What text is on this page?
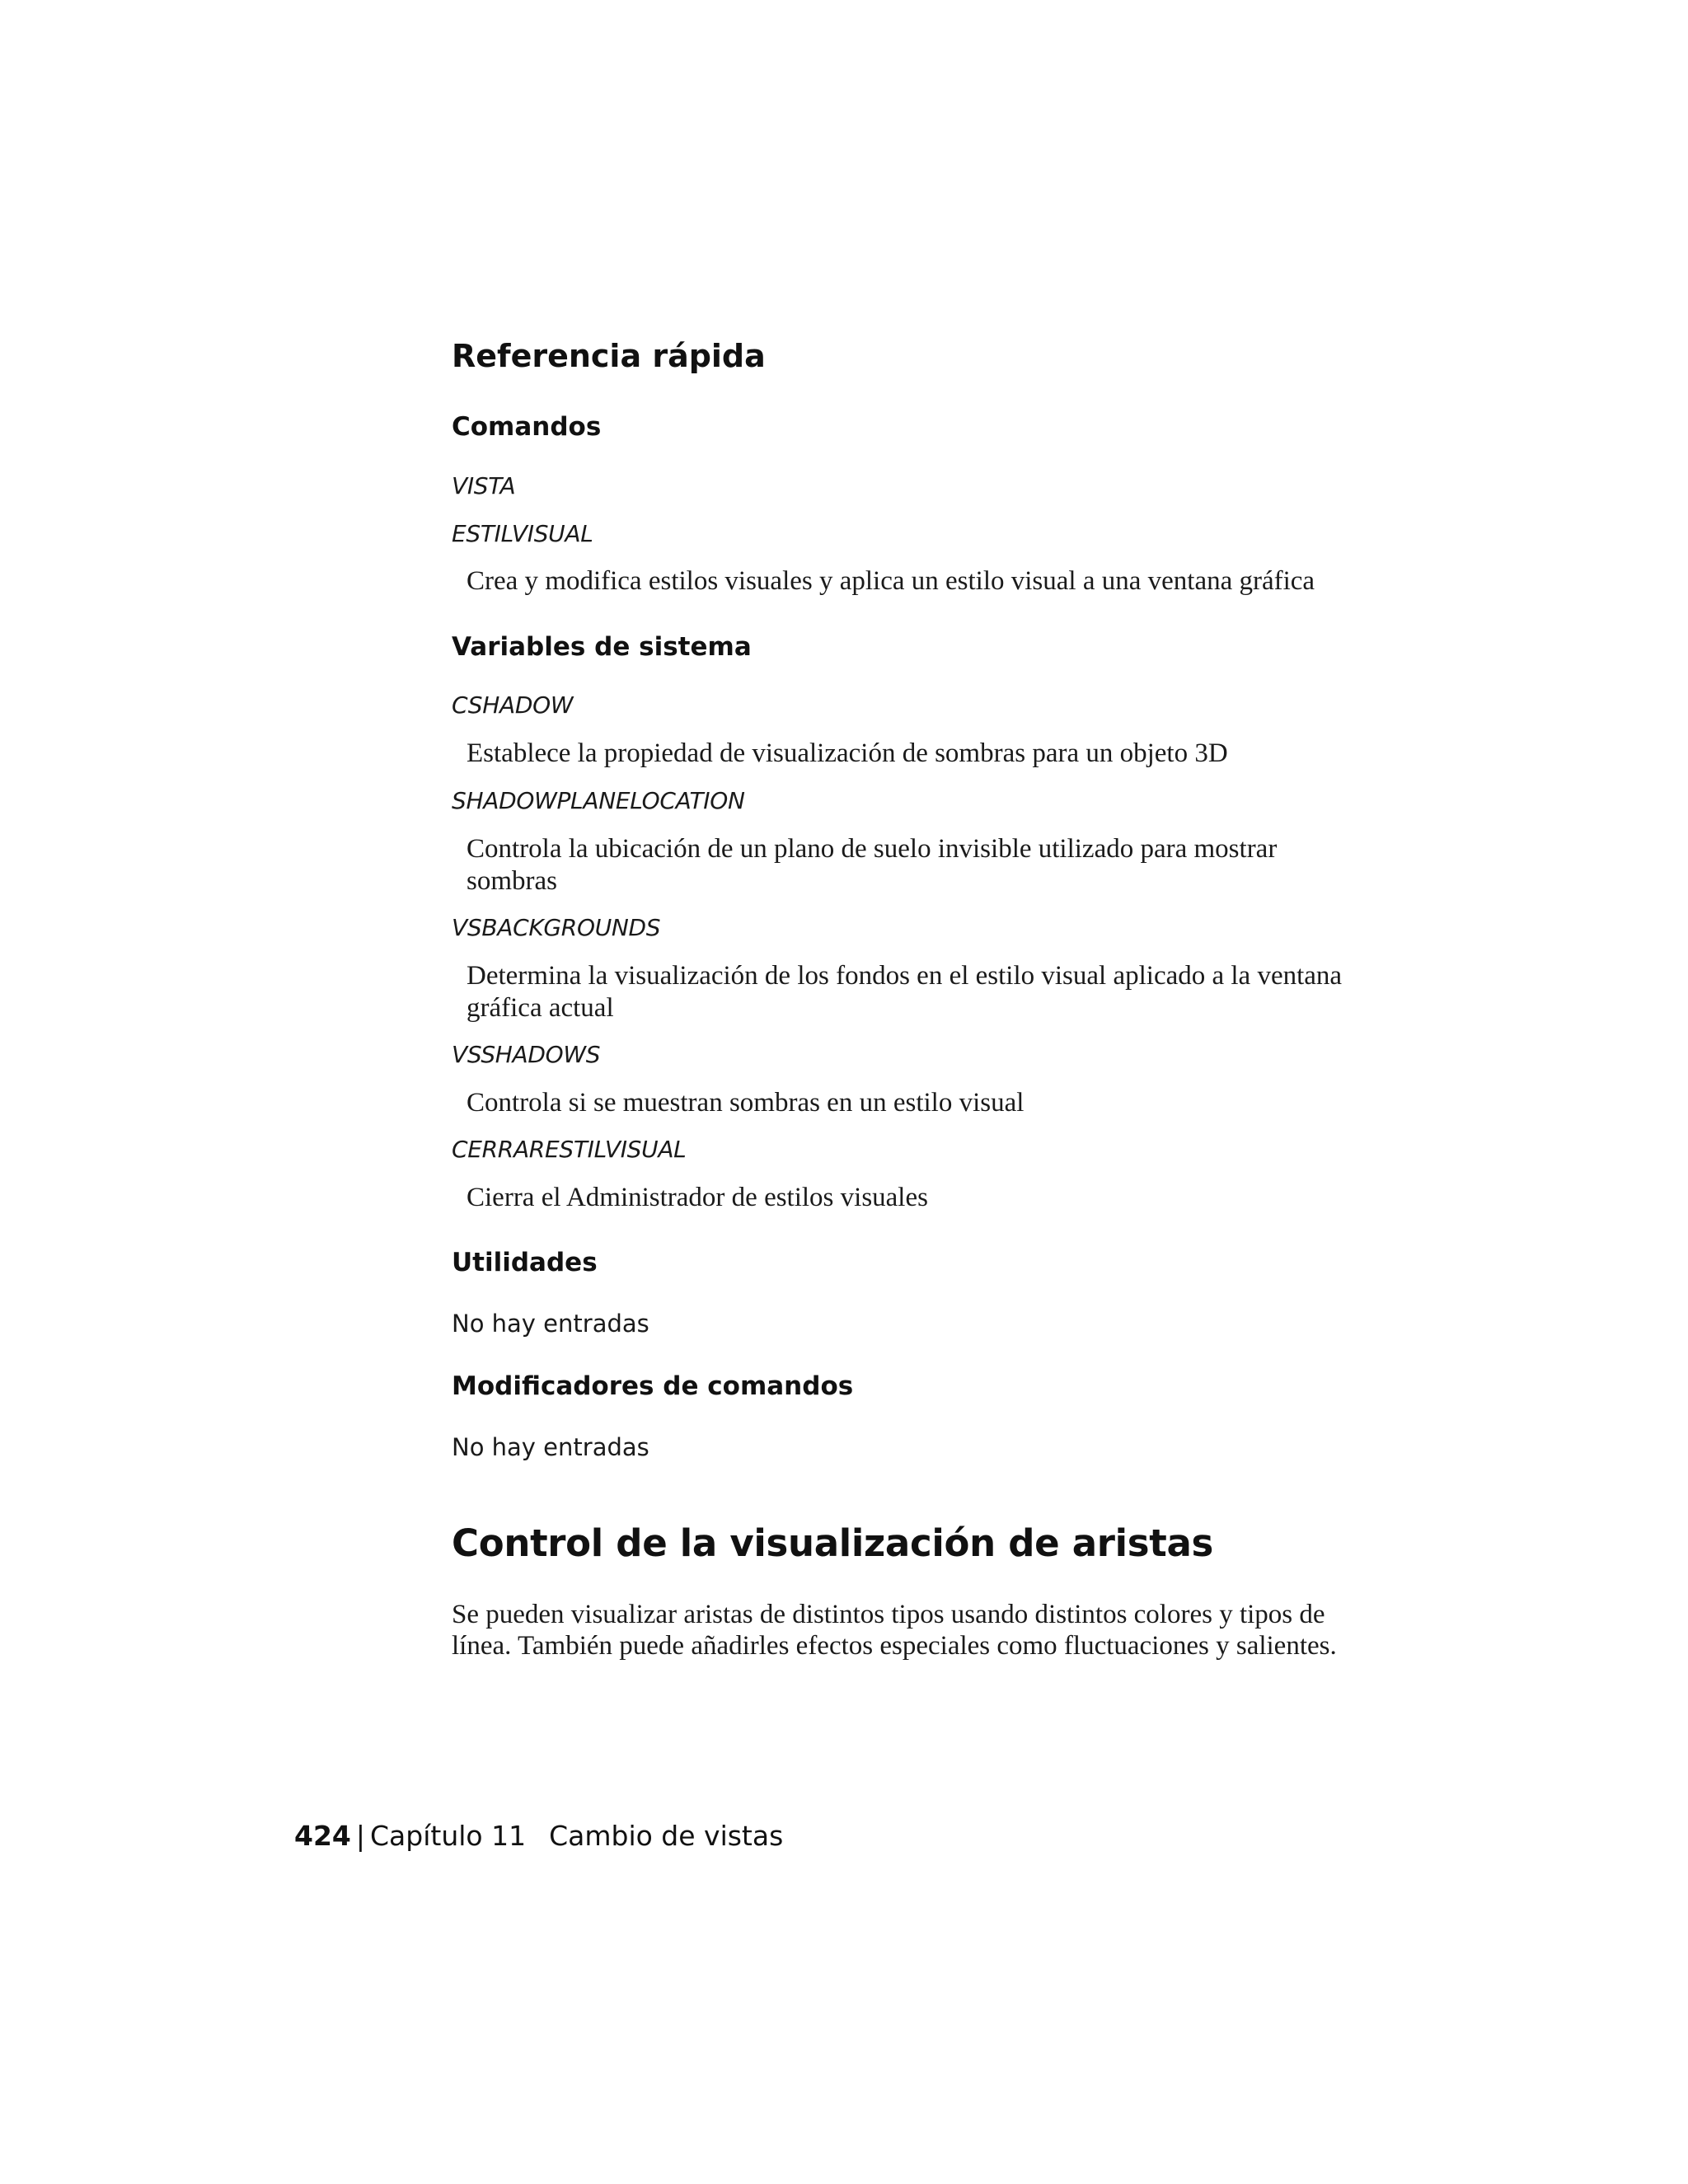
Referencia rápida
Comandos
VISTA
ESTILVISUAL
Crea y modifica estilos visuales y aplica un estilo visual a una ventana gráfica
Variables de sistema
CSHADOW
Establece la propiedad de visualización de sombras para un objeto 3D
SHADOWPLANELOCATION
Controla la ubicación de un plano de suelo invisible utilizado para mostrar sombras
VSBACKGROUNDS
Determina la visualización de los fondos en el estilo visual aplicado a la ventana gráfica actual
VSSHADOWS
Controla si se muestran sombras en un estilo visual
CERRARESTILVISUAL
Cierra el Administrador de estilos visuales
Utilidades
No hay entradas
Modificadores de comandos
No hay entradas
Control de la visualización de aristas

Se pueden visualizar aristas de distintos tipos usando distintos colores y tipos de línea. También puede añadirles efectos especiales como fluctuaciones y salientes.

424 | Capítulo 11 Cambio de vistas
